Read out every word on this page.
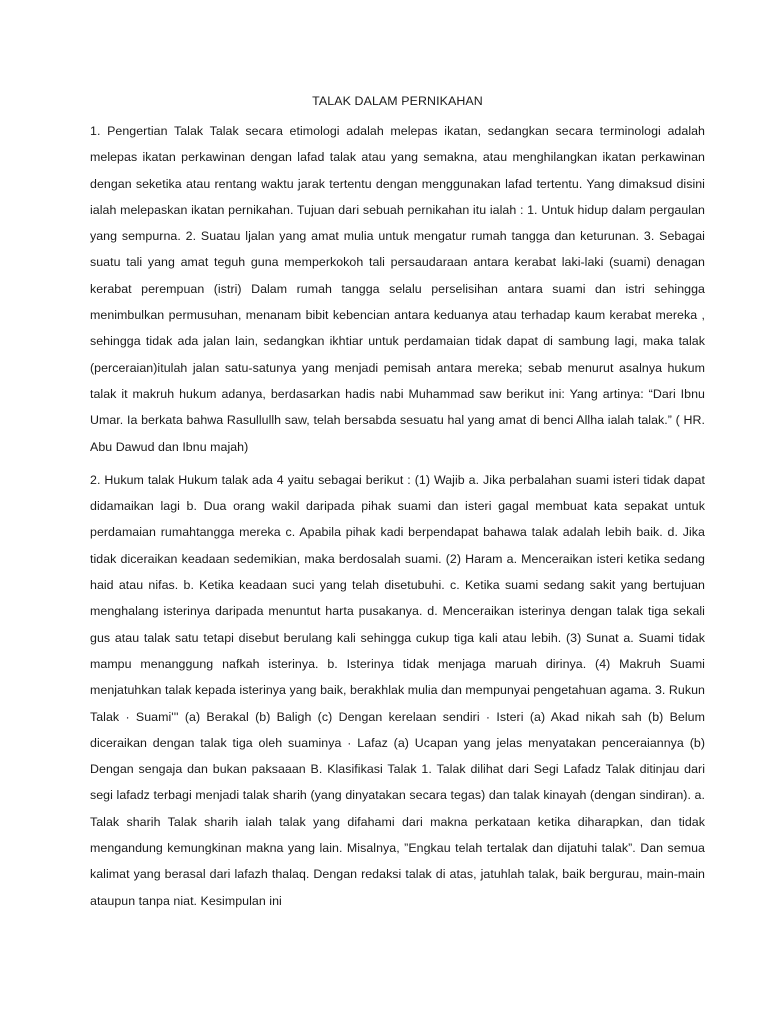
TALAK DALAM PERNIKAHAN

1. Pengertian Talak Talak secara etimologi adalah melepas ikatan, sedangkan secara terminologi adalah melepas ikatan perkawinan dengan lafad talak atau yang semakna, atau menghilangkan ikatan perkawinan dengan seketika atau rentang waktu jarak tertentu dengan menggunakan lafad tertentu. Yang dimaksud disini ialah melepaskan ikatan pernikahan. Tujuan dari sebuah pernikahan itu ialah : 1. Untuk hidup dalam pergaulan yang sempurna. 2. Suatau ljalan yang amat mulia untuk mengatur rumah tangga dan keturunan. 3. Sebagai suatu tali yang amat teguh guna memperkokoh tali persaudaraan antara kerabat laki-laki (suami) denagan kerabat perempuan (istri) Dalam rumah tangga selalu perselisihan antara suami dan istri sehingga menimbulkan permusuhan, menanam bibit kebencian antara keduanya atau terhadap kaum kerabat mereka , sehingga tidak ada jalan lain, sedangkan ikhtiar untuk perdamaian tidak dapat di sambung lagi, maka talak (perceraian)itulah jalan satu-satunya yang menjadi pemisah antara mereka; sebab menurut asalnya hukum talak it makruh hukum adanya, berdasarkan hadis nabi Muhammad saw berikut ini: Yang artinya: “Dari Ibnu Umar. Ia berkata bahwa Rasullullh saw, telah bersabda sesuatu hal yang amat di benci Allha ialah talak.” ( HR. Abu Dawud dan Ibnu majah)

2. Hukum talak Hukum talak ada 4 yaitu sebagai berikut : (1) Wajib a. Jika perbalahan suami isteri tidak dapat didamaikan lagi b. Dua orang wakil daripada pihak suami dan isteri gagal membuat kata sepakat untuk perdamaian rumahtangga mereka c. Apabila pihak kadi berpendapat bahawa talak adalah lebih baik. d. Jika tidak diceraikan keadaan sedemikian, maka berdosalah suami. (2) Haram a. Menceraikan isteri ketika sedang haid atau nifas. b. Ketika keadaan suci yang telah disetubuhi. c. Ketika suami sedang sakit yang bertujuan menghalang isterinya daripada menuntut harta pusakanya. d. Menceraikan isterinya dengan talak tiga sekali gus atau talak satu tetapi disebut berulang kali sehingga cukup tiga kali atau lebih. (3) Sunat a. Suami tidak mampu menanggung nafkah isterinya. b. Isterinya tidak menjaga maruah dirinya. (4) Makruh Suami menjatuhkan talak kepada isterinya yang baik, berakhlak mulia dan mempunyai pengetahuan agama. 3. Rukun Talak · Suami''' (a) Berakal (b) Baligh (c) Dengan kerelaan sendiri · Isteri (a) Akad nikah sah (b) Belum diceraikan dengan talak tiga oleh suaminya · Lafaz (a) Ucapan yang jelas menyatakan penceraiannya (b) Dengan sengaja dan bukan paksaaan B. Klasifikasi Talak 1. Talak dilihat dari Segi Lafadz Talak ditinjau dari segi lafadz terbagi menjadi talak sharih (yang dinyatakan secara tegas) dan talak kinayah (dengan sindiran). a. Talak sharih Talak sharih ialah talak yang difahami dari makna perkataan ketika diharapkan, dan tidak mengandung kemungkinan makna yang lain. Misalnya, ”Engkau telah tertalak dan dijatuhi talak”. Dan semua kalimat yang berasal dari lafazh thalaq. Dengan redaksi talak di atas, jatuhlah talak, baik bergurau, main-main ataupun tanpa niat. Kesimpulan ini
